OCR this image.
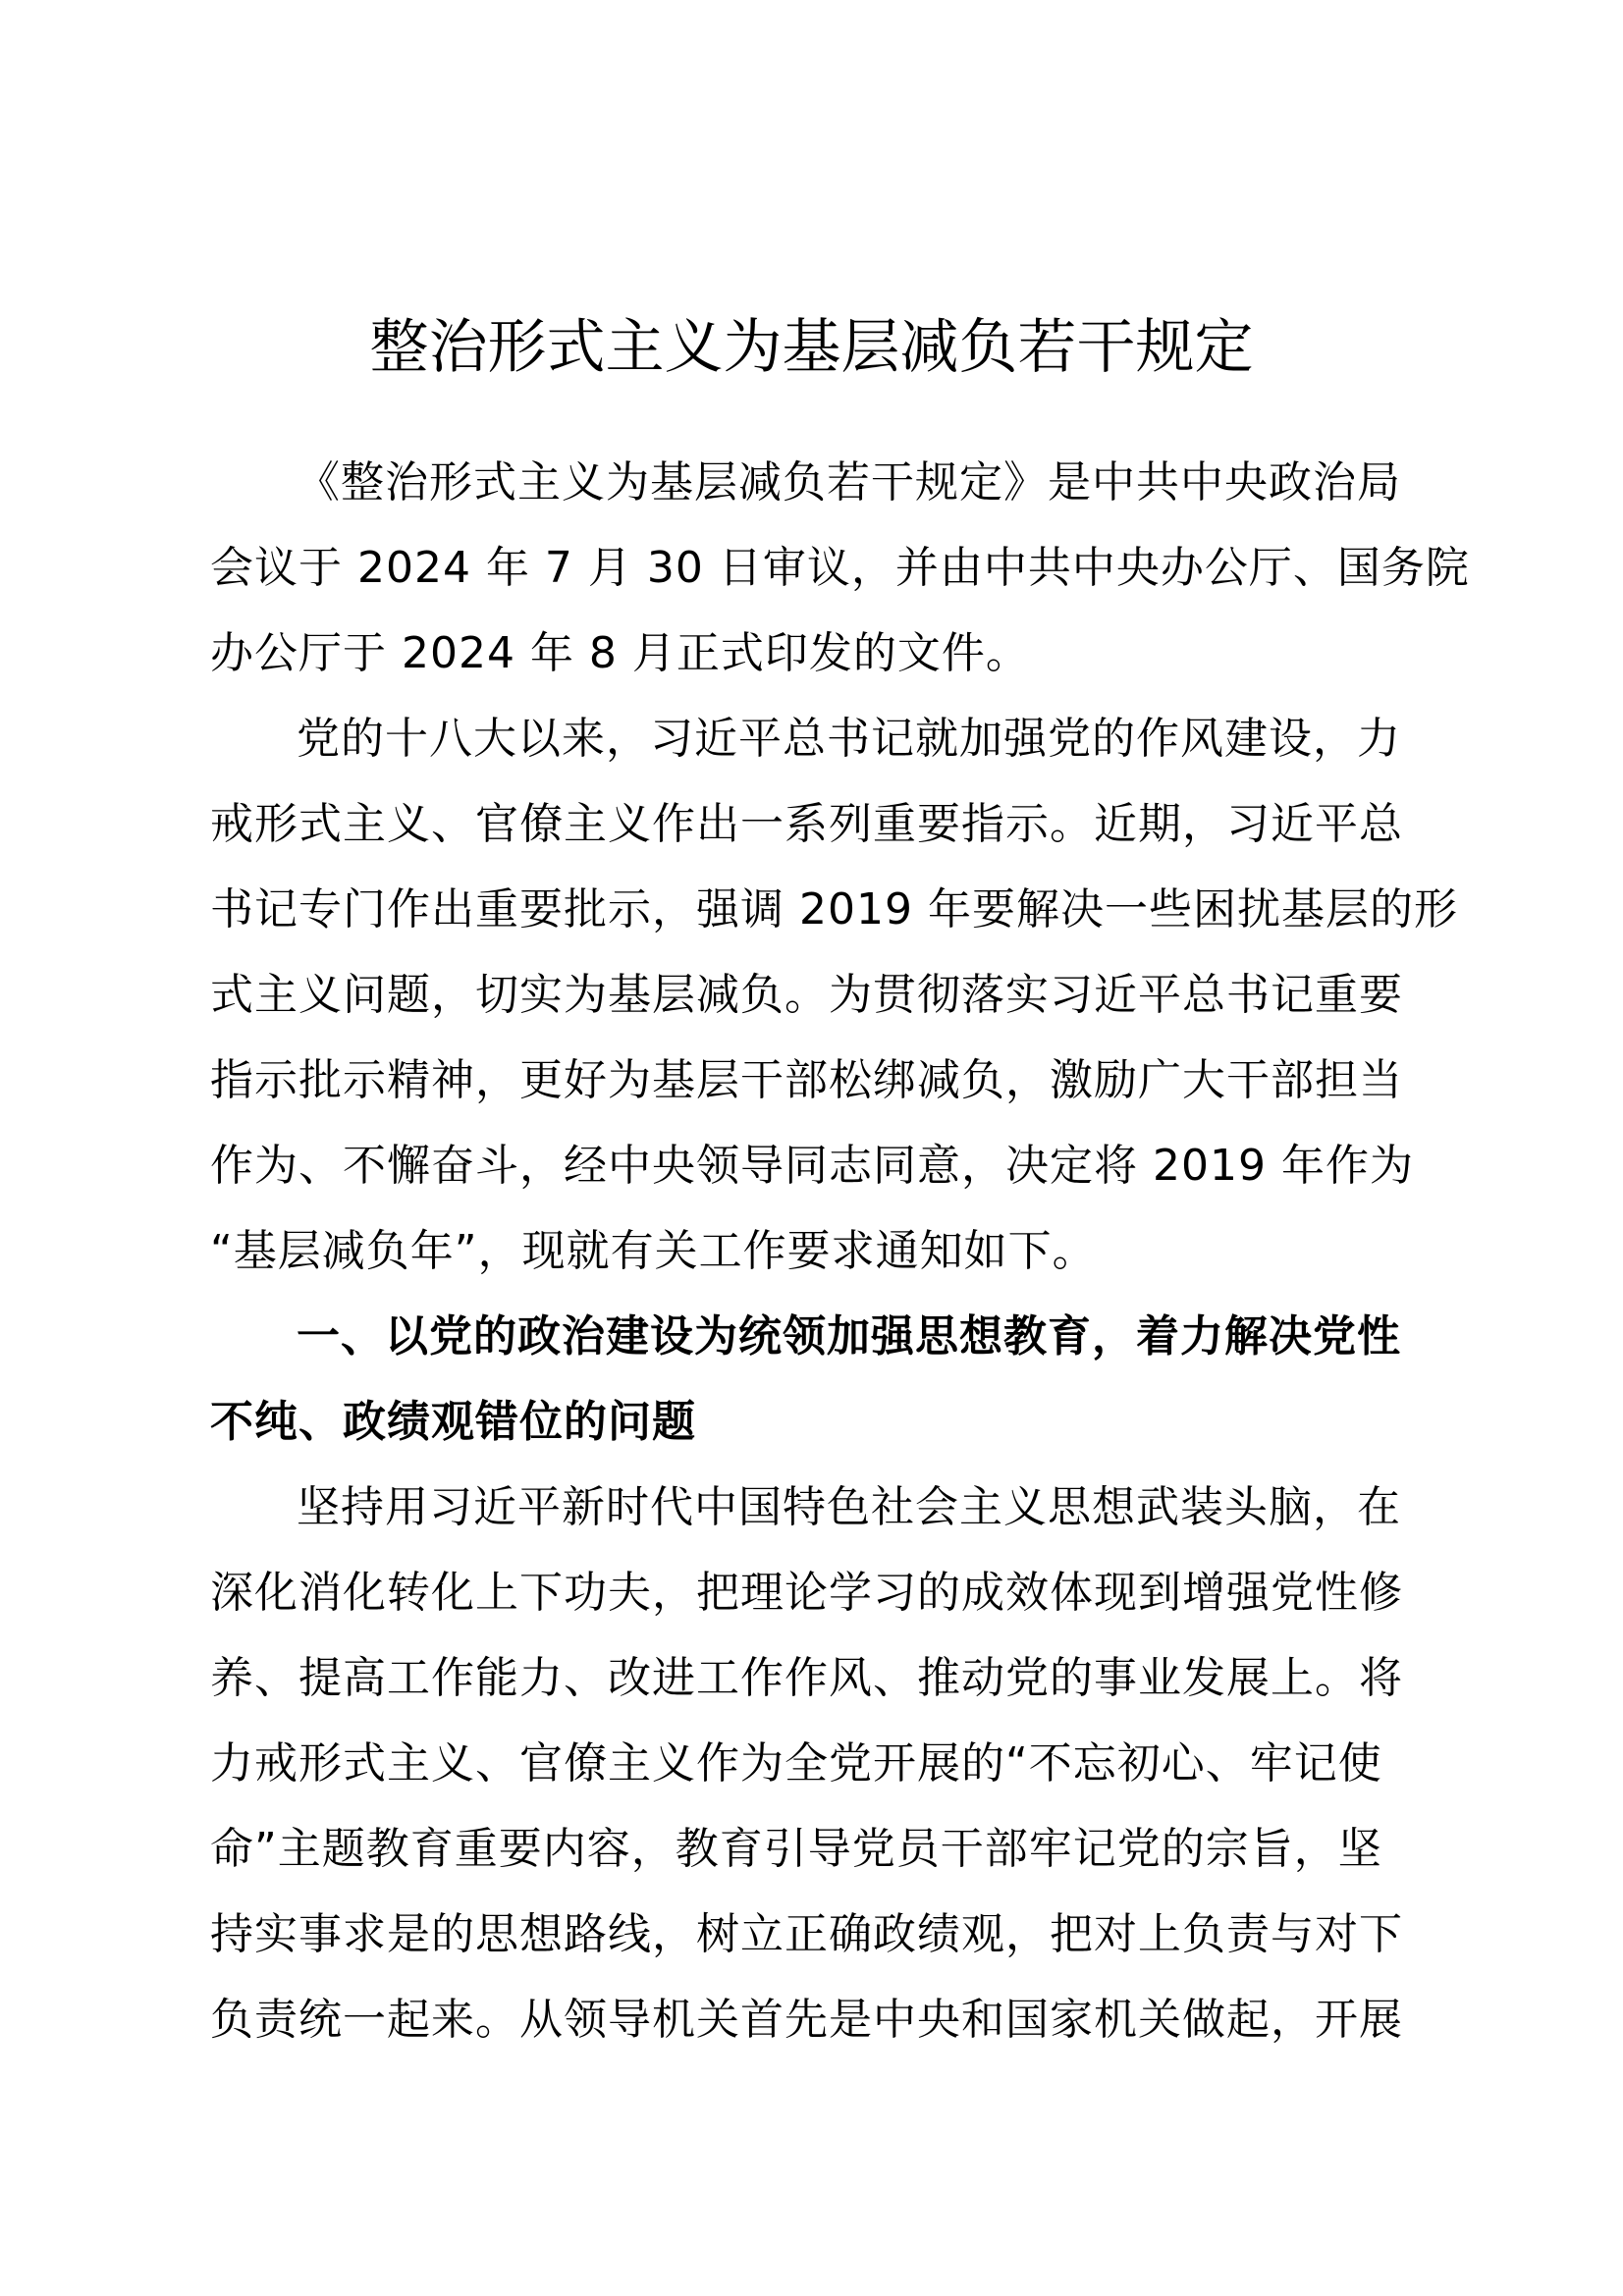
整治形式主义为基层减负若干规定
《整治形式主义为基层减负若干规定》是中共中央政治局
会议于 2024 年 7 月 30 日审议，并由中共中央办公厅、国务院
办公厅于 2024 年 8 月正式印发的文件。
党的十八大以来，习近平总书记就加强党的作风建设，力
戒形式主义、官僚主义作出一系列重要指示。近期，习近平总
书记专门作出重要批示，强调 2019 年要解决一些困扰基层的形
式主义问题，切实为基层减负。为贯彻落实习近平总书记重要
指示批示精神，更好为基层干部松绑减负，激励广大干部担当
作为、不懈奋斗，经中央领导同志同意，决定将 2019 年作为
“基层减负年”，现就有关工作要求通知如下。
一、以党的政治建设为统领加强思想教育，着力解决党性
不纯、政绩观错位的问题
坚持用习近平新时代中国特色社会主义思想武装头脑，在
深化消化转化上下功夫，把理论学习的成效体现到增强党性修
养、提高工作能力、改进工作作风、推动党的事业发展上。将
力戒形式主义、官僚主义作为全党开展的“不忘初心、牢记使
命”主题教育重要内容，教育引导党员干部牢记党的宗旨，坚
持实事求是的思想路线，树立正确政绩观，把对上负责与对下
负责统一起来。从领导机关首先是中央和国家机关做起，开展
